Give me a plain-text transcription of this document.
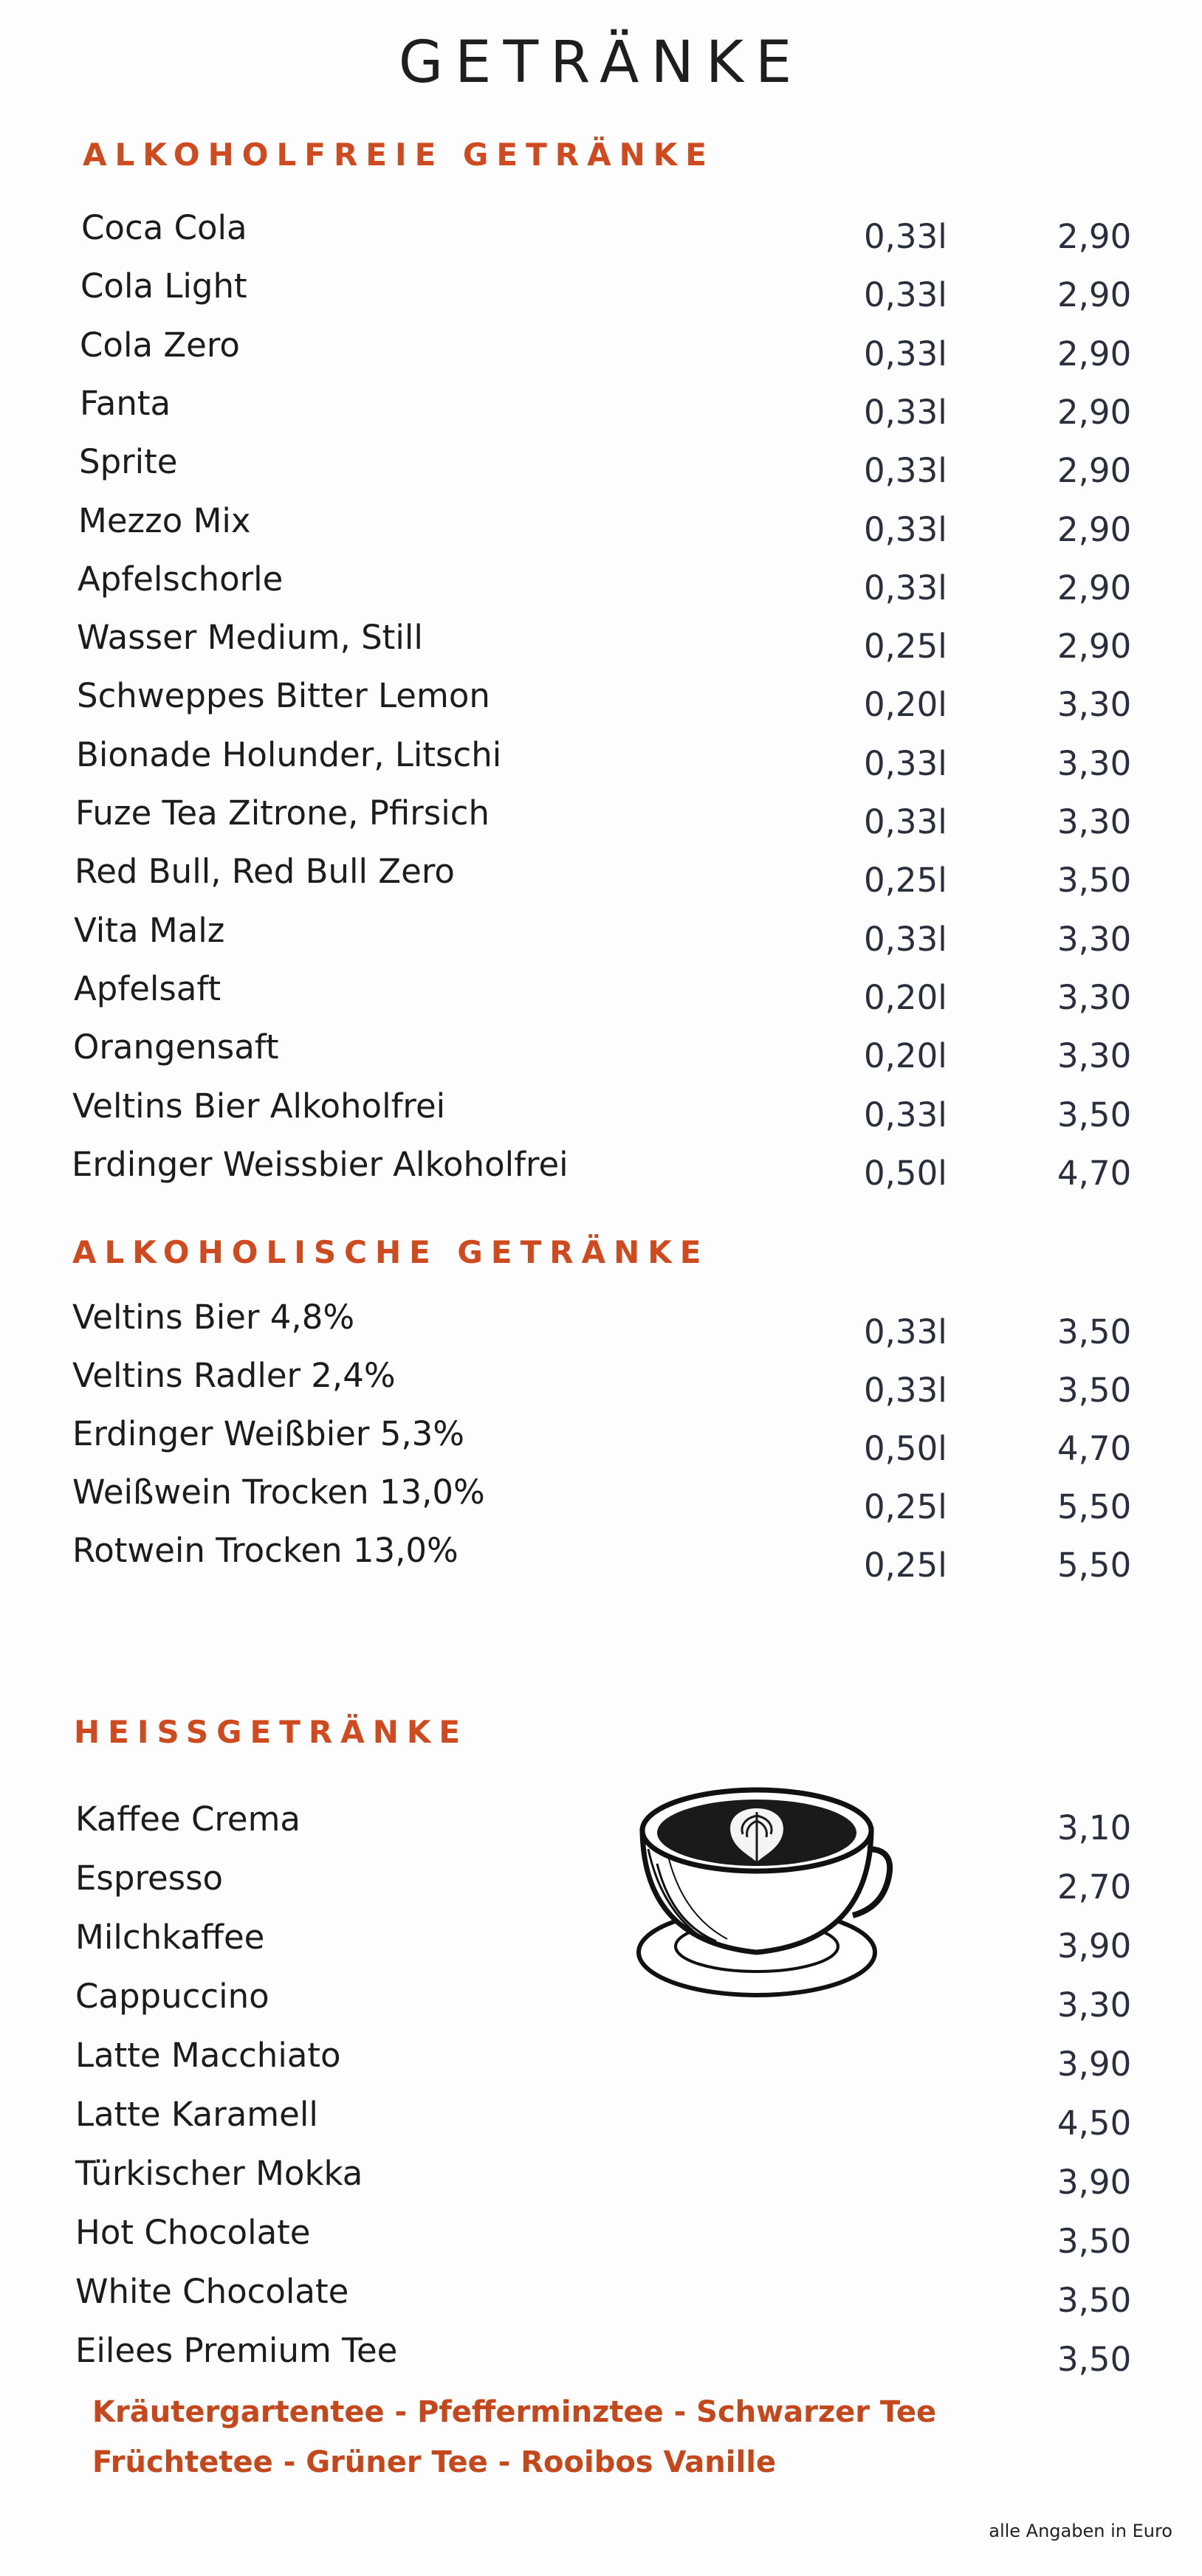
GETRÄNKE
ALKOHOLFREIE GETRÄNKE
Coca Cola	0,33l	2,90
Cola Light	0,33l	2,90
Cola Zero	0,33l	2,90
Fanta	0,33l	2,90
Sprite	0,33l	2,90
Mezzo Mix	0,33l	2,90
Apfelschorle	0,33l	2,90
Wasser Medium, Still	0,25l	2,90
Schweppes Bitter Lemon	0,20l	3,30
Bionade Holunder, Litschi	0,33l	3,30
Fuze Tea Zitrone, Pfirsich	0,33l	3,30
Red Bull, Red Bull Zero	0,25l	3,50
Vita Malz	0,33l	3,30
Apfelsaft	0,20l	3,30
Orangensaft	0,20l	3,30
Veltins Bier Alkoholfrei	0,33l	3,50
Erdinger Weissbier Alkoholfrei	0,50l	4,70
ALKOHOLISCHE GETRÄNKE
Veltins Bier 4,8%	0,33l	3,50
Veltins Radler 2,4%	0,33l	3,50
Erdinger Weißbier 5,3%	0,50l	4,70
Weißwein Trocken 13,0%	0,25l	5,50
Rotwein Trocken 13,0%	0,25l	5,50
HEISSGETRÄNKE
Kaffee Crema	3,10
Espresso	2,70
Milchkaffee	3,90
Cappuccino	3,30
Latte Macchiato	3,90
Latte Karamell	4,50
Türkischer Mokka	3,90
Hot Chocolate	3,50
White Chocolate	3,50
Eilees Premium Tee	3,50
Kräutergartentee - Pfefferminztee - Schwarzer Tee
Früchtetee - Grüner Tee - Rooibos Vanille
alle Angaben in Euro
